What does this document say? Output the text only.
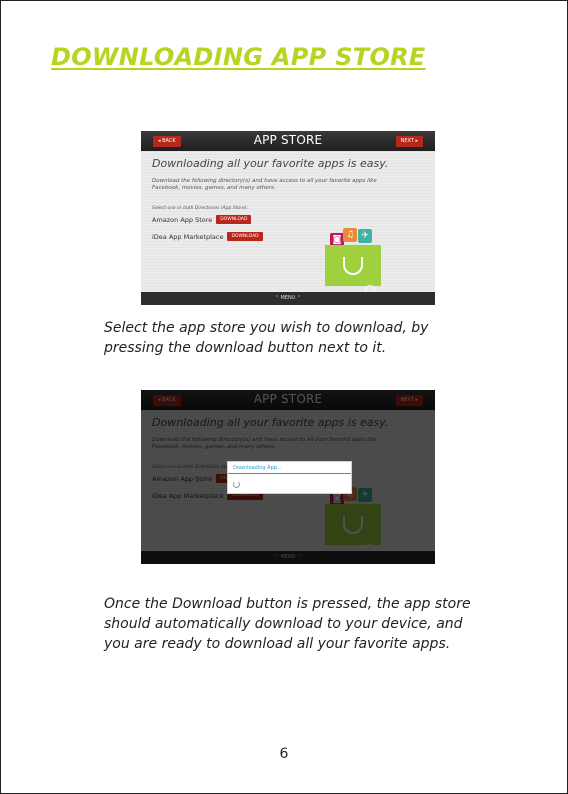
DOWNLOADING APP STORE
◂ BACK	APP STORE	NEXT ▸
Downloading all your favorite apps is easy.
Download the following directory(s) and have access to all your favorite apps like Facebook, movies, games, and many others.
Select one or both Directories (App Store):
Amazon App Store	DOWNLOAD
iDea App Marketplace	DOWNLOAD	◙ ♫ ✈
⌃ MENU ⌃
Select the app store you wish to download, by pressing the download button next to it.
Downloading App...
Once the Download button is pressed, the app store should automatically download to your device, and you are ready to download all your favorite apps.
6
